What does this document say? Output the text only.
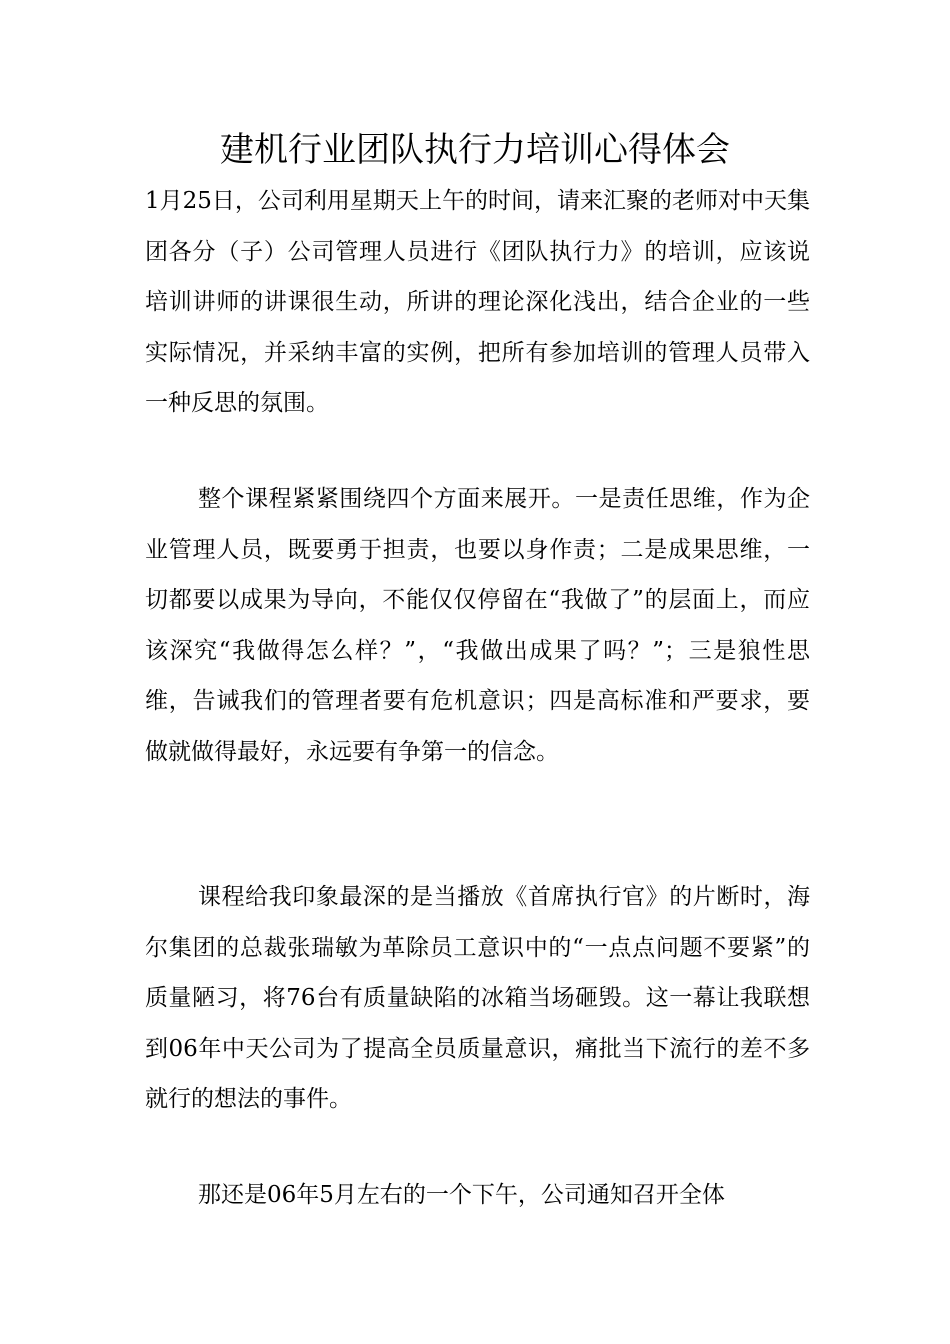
建机行业团队执行力培训心得体会

1月25日，公司利用星期天上午的时间，请来汇聚的老师对中天集团各分（子）公司管理人员进行《团队执行力》的培训，应该说培训讲师的讲课很生动，所讲的理论深化浅出，结合企业的一些实际情况，并采纳丰富的实例，把所有参加培训的管理人员带入一种反思的氛围。

整个课程紧紧围绕四个方面来展开。一是责任思维，作为企业管理人员，既要勇于担责，也要以身作责；二是成果思维，一切都要以成果为导向，不能仅仅停留在“我做了”的层面上，而应该深究“我做得怎么样？”，“我做出成果了吗？”；三是狼性思维，告诫我们的管理者要有危机意识；四是高标准和严要求，要做就做得最好，永远要有争第一的信念。

课程给我印象最深的是当播放《首席执行官》的片断时，海尔集团的总裁张瑞敏为革除员工意识中的“一点点问题不要紧”的质量陋习，将76台有质量缺陷的冰箱当场砸毁。这一幕让我联想到06年中天公司为了提高全员质量意识，痛批当下流行的差不多就行的想法的事件。

那还是06年5月左右的一个下午，公司通知召开全体
